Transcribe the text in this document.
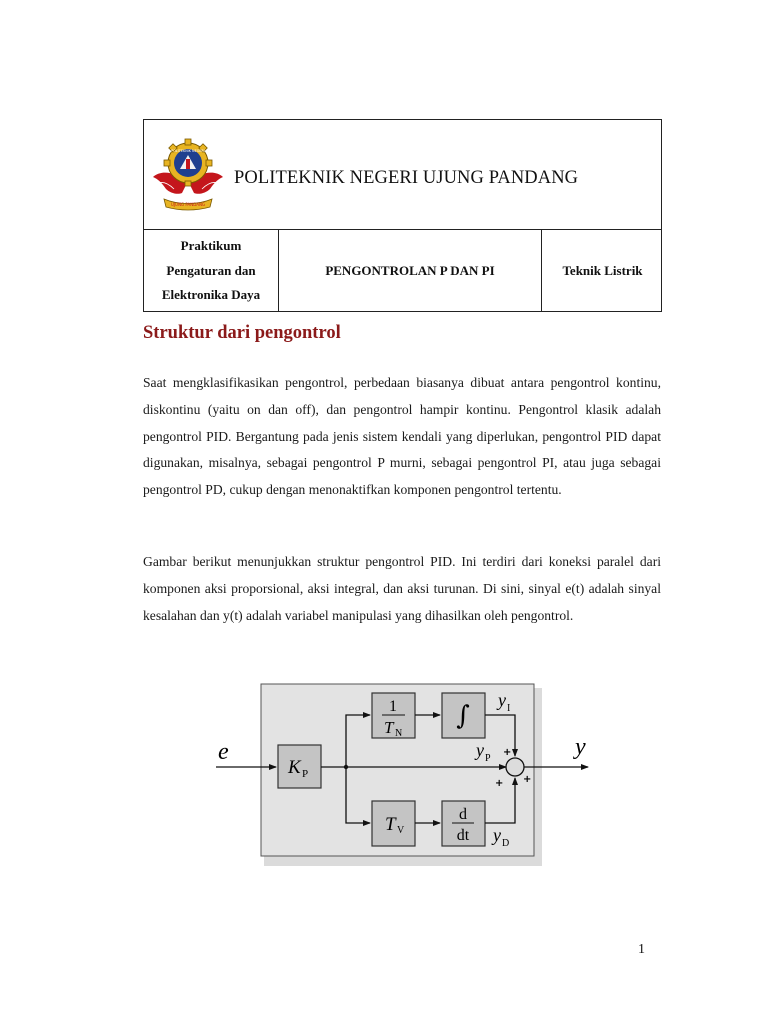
POLITEKNIK NEGERI
UJUNG PANDANG
POLITEKNIK NEGERI UJUNG PANDANG
Praktikum
Pengaturan dan
Elektronika Daya
PENGONTROLAN P DAN PI	Teknik Listrik
Struktur dari pengontrol

Saat mengklasifikasikan pengontrol, perbedaan biasanya dibuat antara pengontrol kontinu, diskontinu (yaitu on dan off), dan pengontrol hampir kontinu. Pengontrol klasik adalah pengontrol PID. Bergantung pada jenis sistem kendali yang diperlukan, pengontrol PID dapat digunakan, misalnya, sebagai pengontrol P murni, sebagai pengontrol PI, atau juga sebagai pengontrol PD, cukup dengan menonaktifkan komponen pengontrol tertentu.

Gambar berikut menunjukkan struktur pengontrol PID. Ini terdiri dari koneksi paralel dari komponen aksi proporsional, aksi integral, dan aksi turunan. Di sini, sinyal e(t) adalah sinyal kesalahan dan y(t) adalah variabel manipulasi yang dihasilkan oleh pengontrol.

K P
1
T N
∫
T V
d
dt
e	y
y I
y P
y D
+
+ +
1
